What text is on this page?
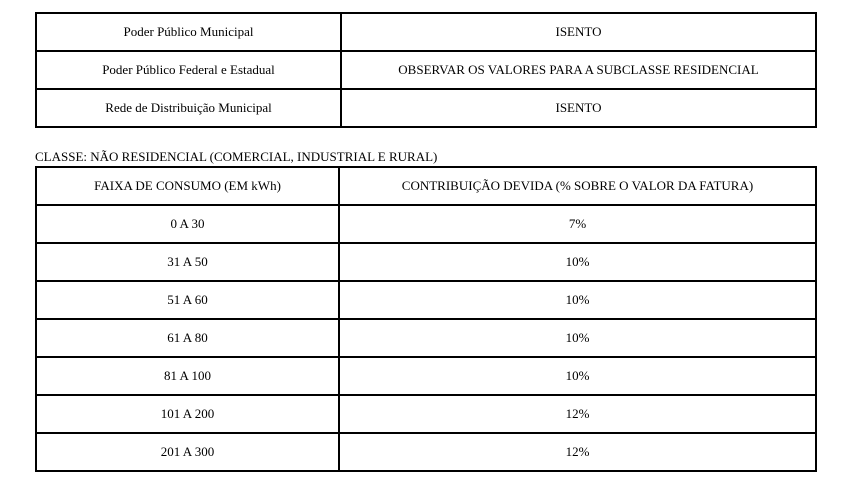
Poder Público Municipal	ISENTO
Poder Público Federal e Estadual	OBSERVAR OS VALORES PARA A SUBCLASSE RESIDENCIAL
Rede de Distribuição Municipal	ISENTO
CLASSE: NÃO RESIDENCIAL (COMERCIAL, INDUSTRIAL E RURAL)
FAIXA DE CONSUMO (EM kWh)	CONTRIBUIÇÃO DEVIDA (% SOBRE O VALOR DA FATURA)
0 A 30	7%
31 A 50	10%
51 A 60	10%
61 A 80	10%
81 A 100	10%
101 A 200	12%
201 A 300	12%
